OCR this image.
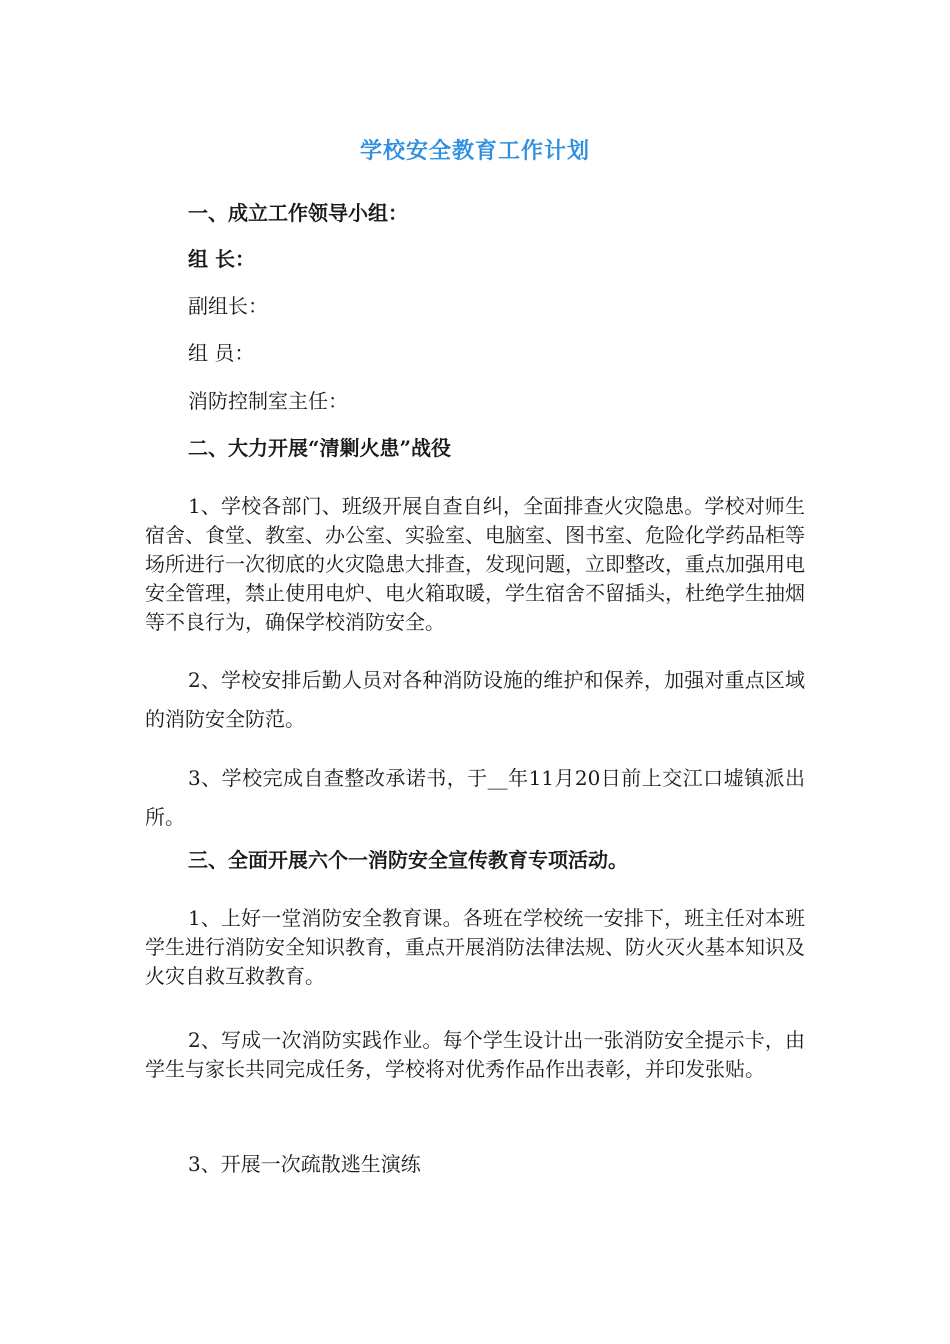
学校安全教育工作计划
一、成立工作领导小组：
组 长：
副组长：
组 员：
消防控制室主任：
二、大力开展“清剿火患”战役
1、学校各部门、班级开展自查自纠，全面排查火灾隐患。学校对师生宿舍、食堂、教室、办公室、实验室、电脑室、图书室、危险化学药品柜等场所进行一次彻底的火灾隐患大排查，发现问题，立即整改，重点加强用电安全管理，禁止使用电炉、电火箱取暖，学生宿舍不留插头，杜绝学生抽烟等不良行为，确保学校消防安全。
2、学校安排后勤人员对各种消防设施的维护和保养，加强对重点区域的消防安全防范。
3、学校完成自查整改承诺书，于__年11月20日前上交江口墟镇派出所。
三、全面开展六个一消防安全宣传教育专项活动。
1、上好一堂消防安全教育课。各班在学校统一安排下，班主任对本班学生进行消防安全知识教育，重点开展消防法律法规、防火灭火基本知识及火灾自救互救教育。
2、写成一次消防实践作业。每个学生设计出一张消防安全提示卡，由学生与家长共同完成任务，学校将对优秀作品作出表彰，并印发张贴。
3、开展一次疏散逃生演练
